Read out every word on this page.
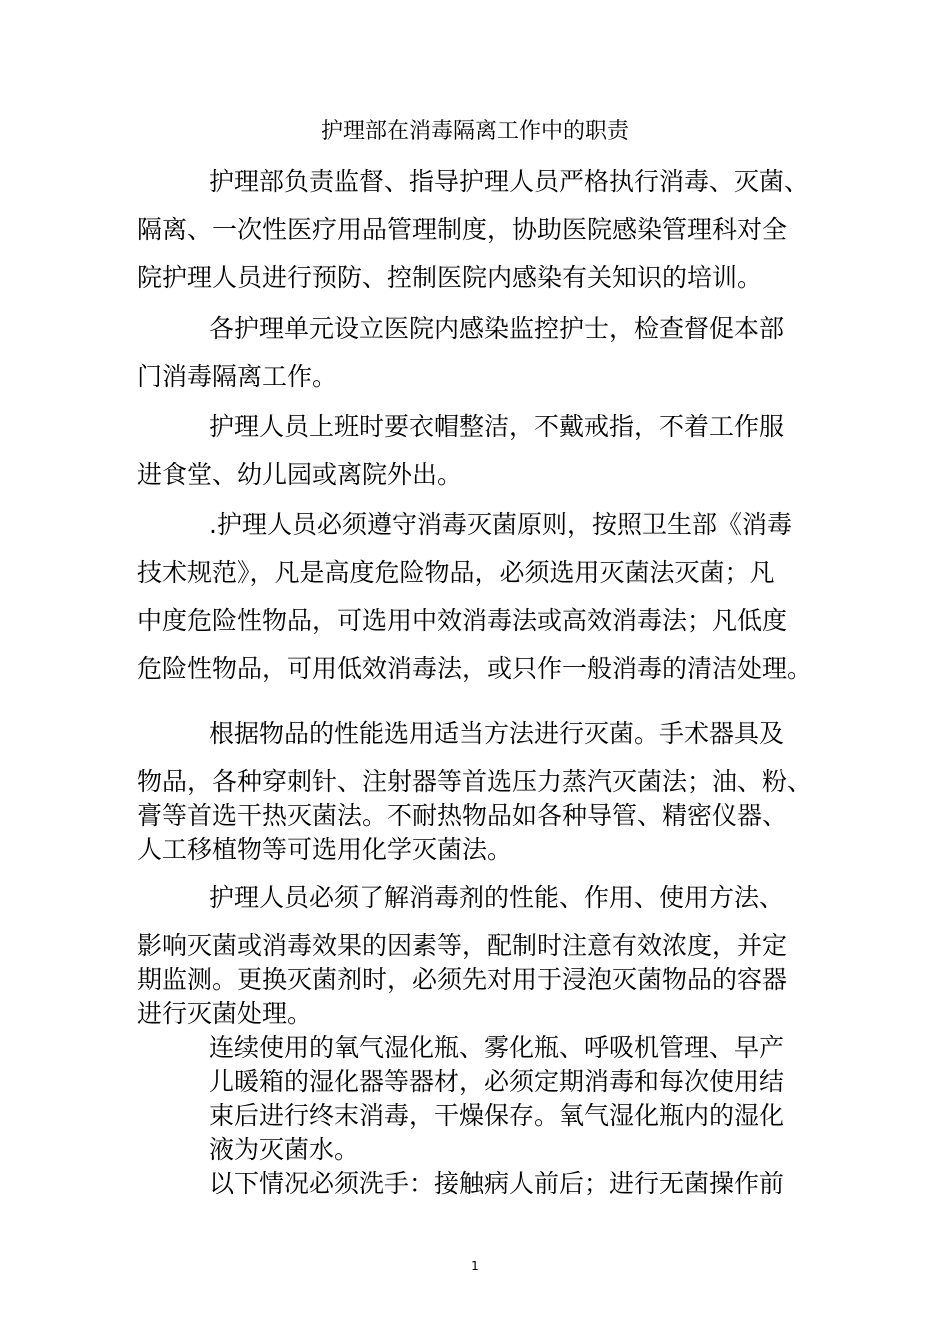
护理部在消毒隔离工作中的职责
护理部负责监督、指导护理人员严格执行消毒、灭菌、
隔离、一次性医疗用品管理制度，协助医院感染管理科对全
院护理人员进行预防、控制医院内感染有关知识的培训。
各护理单元设立医院内感染监控护士，检查督促本部
门消毒隔离工作。
护理人员上班时要衣帽整洁，不戴戒指，不着工作服
进食堂、幼儿园或离院外出。
.护理人员必须遵守消毒灭菌原则，按照卫生部《消毒
技术规范》，凡是高度危险物品，必须选用灭菌法灭菌；凡
中度危险性物品，可选用中效消毒法或高效消毒法；凡低度
危险性物品，可用低效消毒法，或只作一般消毒的清洁处理。
根据物品的性能选用适当方法进行灭菌。手术器具及
物品，各种穿刺针、注射器等首选压力蒸汽灭菌法；油、粉、
膏等首选干热灭菌法。不耐热物品如各种导管、精密仪器、
人工移植物等可选用化学灭菌法。
护理人员必须了解消毒剂的性能、作用、使用方法、
影响灭菌或消毒效果的因素等，配制时注意有效浓度，并定
期监测。更换灭菌剂时，必须先对用于浸泡灭菌物品的容器
进行灭菌处理。
连续使用的氧气湿化瓶、雾化瓶、呼吸机管理、早产
儿暖箱的湿化器等器材，必须定期消毒和每次使用结
束后进行终末消毒，干燥保存。氧气湿化瓶内的湿化
液为灭菌水。
以下情况必须洗手：接触病人前后；进行无菌操作前
1
